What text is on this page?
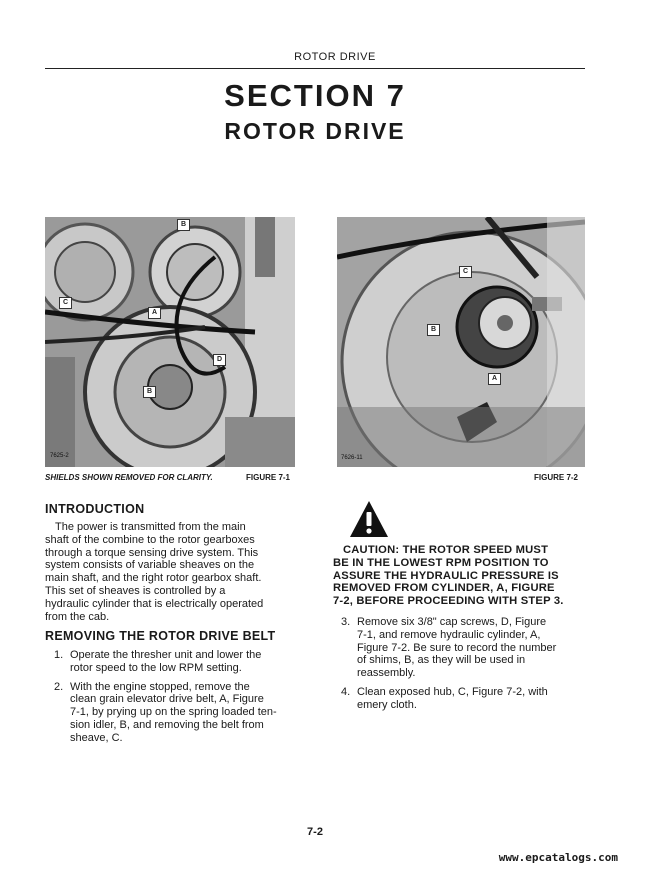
ROTOR DRIVE
SECTION 7
ROTOR DRIVE
B
C
A
D
B
7625-2
SHIELDS SHOWN REMOVED FOR CLARITY.	FIGURE 7-1
C
B
A
7626-11
FIGURE 7-2
INTRODUCTION
The power is transmitted from the main
shaft of the combine to the rotor gearboxes
through a torque sensing drive system. This
system consists of variable sheaves on the
main shaft, and the right rotor gearbox shaft.
This set of sheaves is controlled by a
hydraulic cylinder that is electrically operated
from the cab.
REMOVING THE ROTOR DRIVE BELT
1. Operate the thresher unit and lower the
rotor speed to the low RPM setting.
2. With the engine stopped, remove the
clean grain elevator drive belt, A, Figure
7-1, by prying up on the spring loaded ten-
sion idler, B, and removing the belt from
sheave, C.
CAUTION: THE ROTOR SPEED MUST
BE IN THE LOWEST RPM POSITION TO
ASSURE THE HYDRAULIC PRESSURE IS
REMOVED FROM CYLINDER, A, FIGURE
7-2, BEFORE PROCEEDING WITH STEP 3.
3. Remove six 3/8" cap screws, D, Figure
7-1, and remove hydraulic cylinder, A,
Figure 7-2. Be sure to record the number
of shims, B, as they will be used in
reassembly.
4. Clean exposed hub, C, Figure 7-2, with
emery cloth.
7-2
www.epcatalogs.com
